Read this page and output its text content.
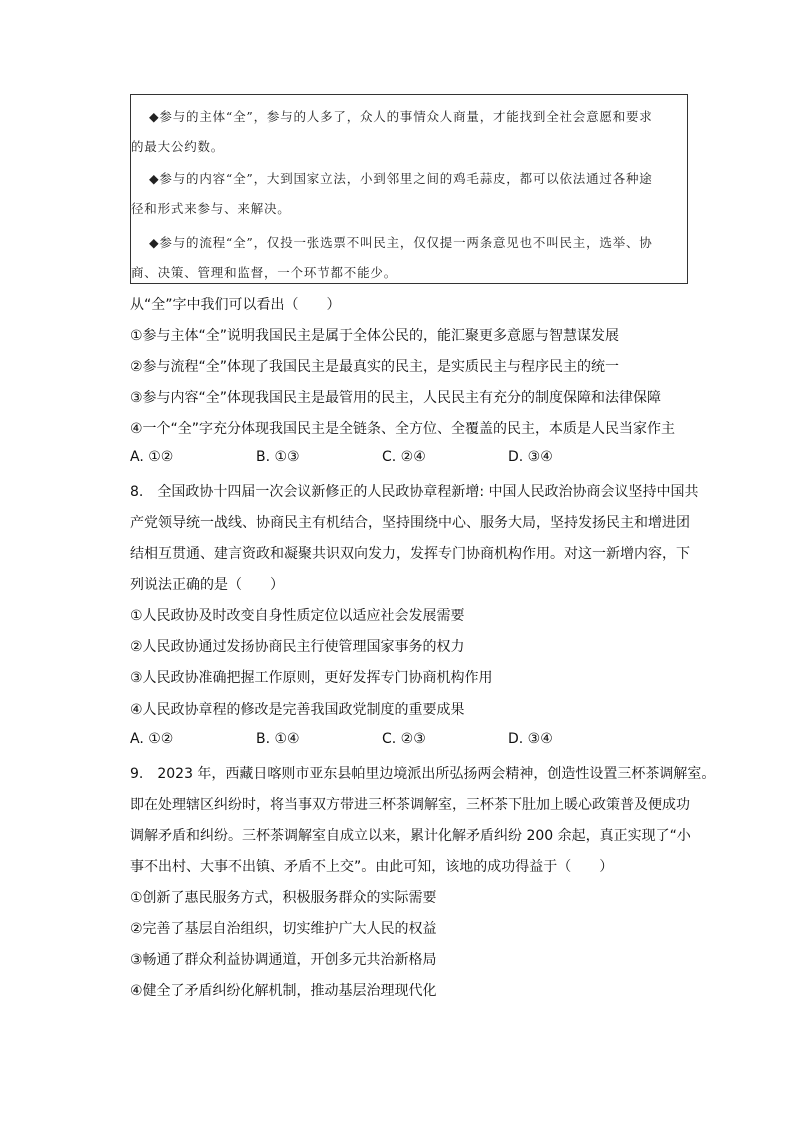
◆参与的主体“全”，参与的人多了，众人的事情众人商量，才能找到全社会意愿和要求

的最大公约数。

◆参与的内容“全”，大到国家立法，小到邻里之间的鸡毛蒜皮，都可以依法通过各种途

径和形式来参与、来解决。

◆参与的流程“全”，仅投一张选票不叫民主，仅仅提一两条意见也不叫民主，选举、协

商、决策、管理和监督，一个环节都不能少。

从“全”字中我们可以看出（　　）

①参与主体“全”说明我国民主是属于全体公民的，能汇聚更多意愿与智慧谋发展

②参与流程“全”体现了我国民主是最真实的民主，是实质民主与程序民主的统一

③参与内容“全”体现我国民主是最管用的民主，人民民主有充分的制度保障和法律保障

④一个“全”字充分体现我国民主是全链条、全方位、全覆盖的民主，本质是人民当家作主

A. ①②	B. ①③	C. ②④	D. ③④

8.　全国政协十四届一次会议新修正的人民政协章程新增: 中国人民政治协商会议坚持中国共

产党领导统一战线、协商民主有机结合，坚持围绕中心、服务大局，坚持发扬民主和增进团

结相互贯通、建言资政和凝聚共识双向发力，发挥专门协商机构作用。对这一新增内容，下

列说法正确的是（　　）

①人民政协及时改变自身性质定位以适应社会发展需要

②人民政协通过发扬协商民主行使管理国家事务的权力

③人民政协准确把握工作原则，更好发挥专门协商机构作用

④人民政协章程的修改是完善我国政党制度的重要成果

A. ①②	B. ①④	C. ②③	D. ③④

9.　2023 年，西藏日喀则市亚东县帕里边境派出所弘扬两会精神，创造性设置三杯茶调解室。

即在处理辖区纠纷时，将当事双方带进三杯茶调解室，三杯茶下肚加上暖心政策普及便成功

调解矛盾和纠纷。三杯茶调解室自成立以来，累计化解矛盾纠纷 200 余起，真正实现了“小

事不出村、大事不出镇、矛盾不上交”。由此可知，该地的成功得益于（　　）

①创新了惠民服务方式，积极服务群众的实际需要

②完善了基层自治组织，切实维护广大人民的权益

③畅通了群众利益协调通道，开创多元共治新格局

④健全了矛盾纠纷化解机制，推动基层治理现代化
